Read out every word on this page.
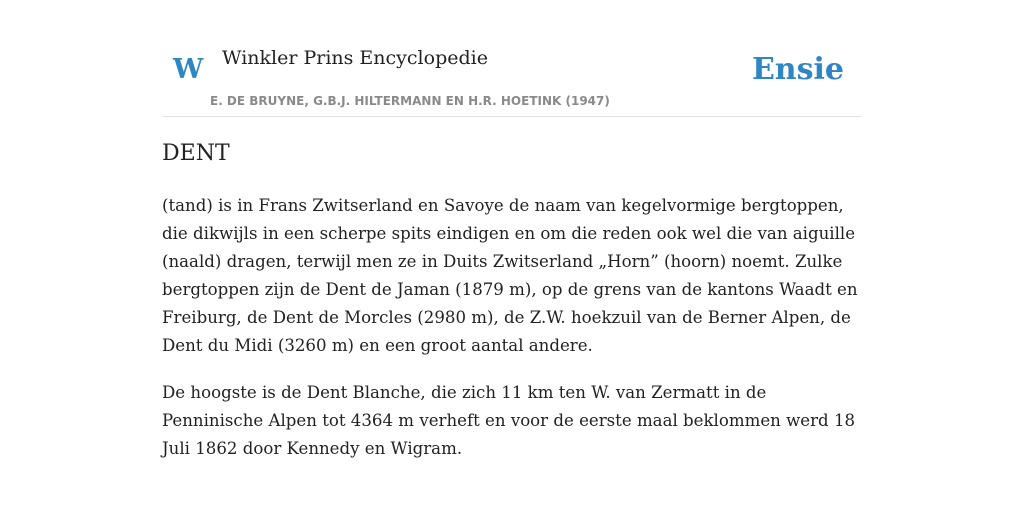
W Winkler Prins Encyclopedie
E. DE BRUYNE, G.B.J. HILTERMANN EN H.R. HOETINK (1947)
Ensie
DENT

(tand) is in Frans Zwitserland en Savoye de naam van kegelvormige bergtoppen,
die dikwijls in een scherpe spits eindigen en om die reden ook wel die van aiguille
(naald) dragen, terwijl men ze in Duits Zwitserland „Horn” (hoorn) noemt. Zulke
bergtoppen zijn de Dent de Jaman (1879 m), op de grens van de kantons Waadt en
Freiburg, de Dent de Morcles (2980 m), de Z.W. hoekzuil van de Berner Alpen, de
Dent du Midi (3260 m) en een groot aantal andere.

De hoogste is de Dent Blanche, die zich 11 km ten W. van Zermatt in de
Penninische Alpen tot 4364 m verheft en voor de eerste maal beklommen werd 18
Juli 1862 door Kennedy en Wigram.
